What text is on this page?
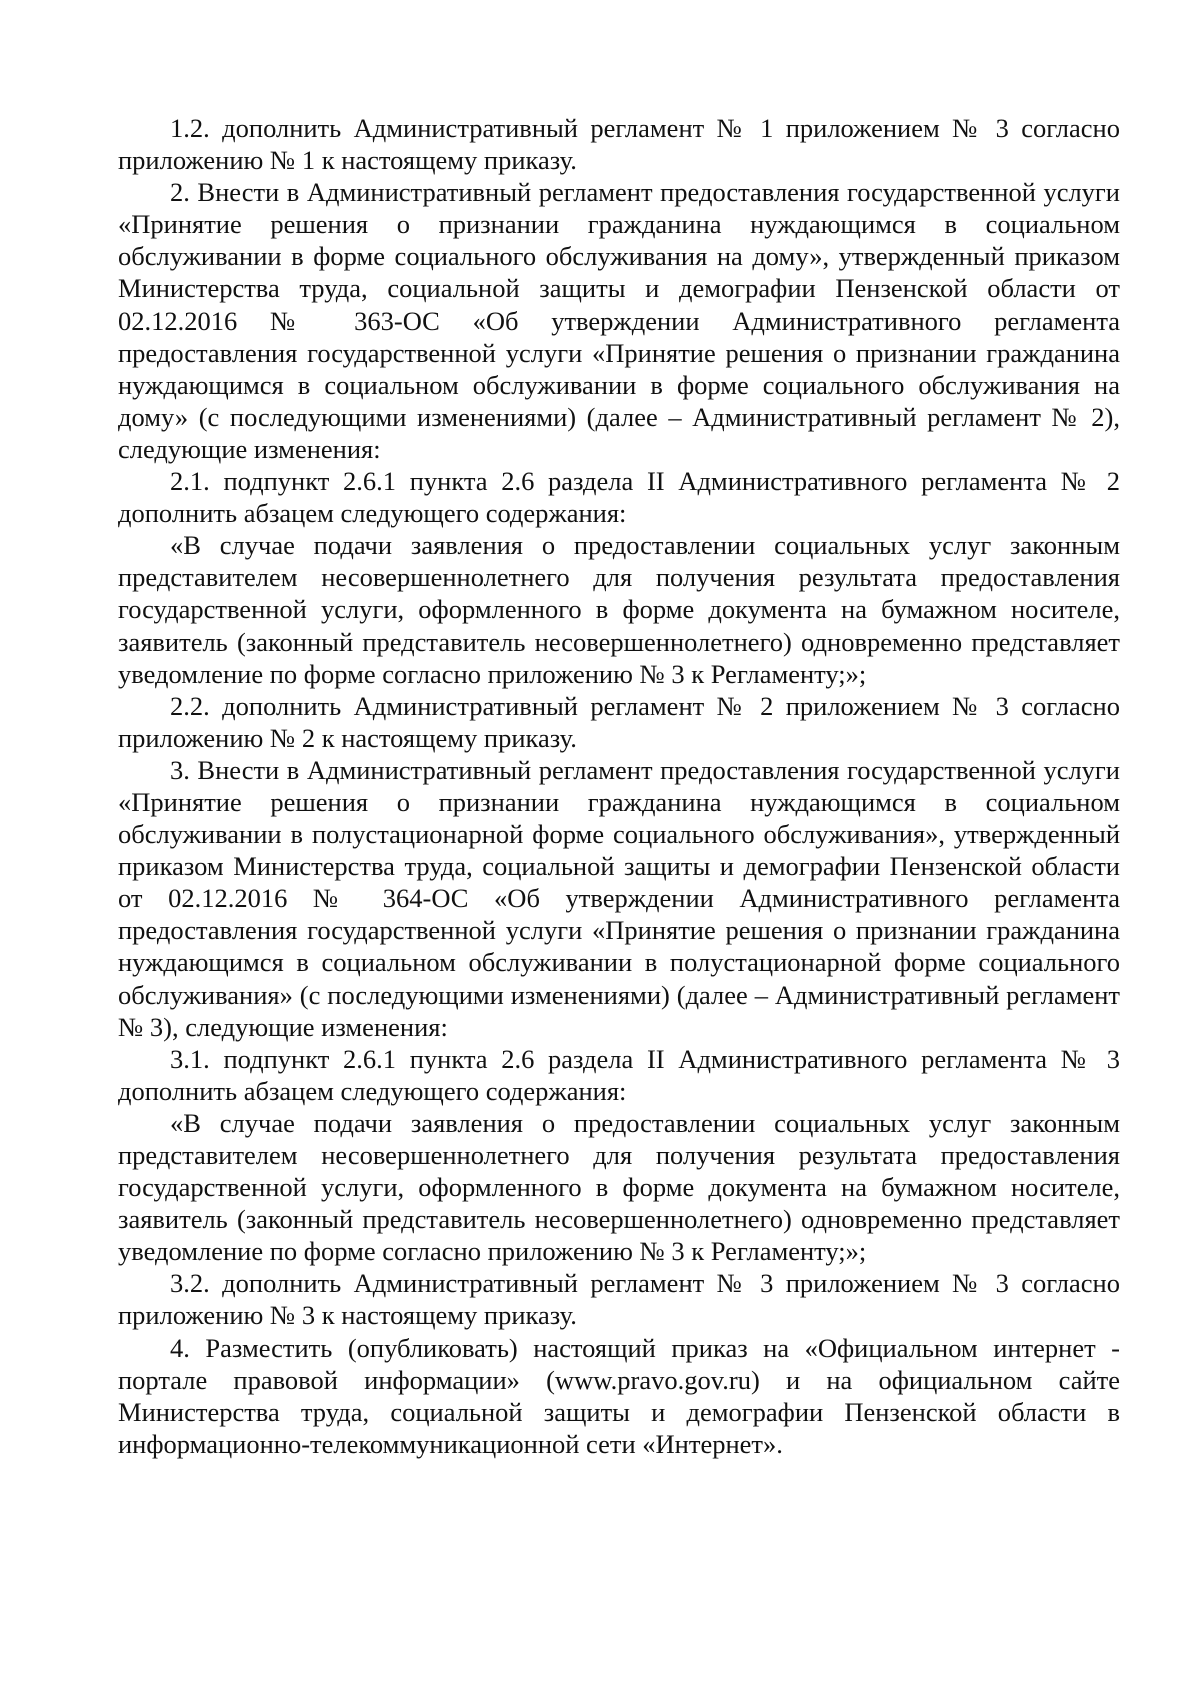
1.2. дополнить Административный регламент № 1 приложением № 3 согласно приложению № 1 к настоящему приказу.

2. Внести в Административный регламент предоставления государственной услуги «Принятие решения о признании гражданина нуждающимся в социальном обслуживании в форме социального обслуживания на дому», утвержденный приказом Министерства труда, социальной защиты и демографии Пензенской области от 02.12.2016 № 363-ОС «Об утверждении Административного регламента предоставления государственной услуги «Принятие решения о признании гражданина нуждающимся в социальном обслуживании в форме социального обслуживания на дому» (с последующими изменениями) (далее – Административный регламент № 2), следующие изменения:

2.1. подпункт 2.6.1 пункта 2.6 раздела II Административного регламента № 2 дополнить абзацем следующего содержания:

«В случае подачи заявления о предоставлении социальных услуг законным представителем несовершеннолетнего для получения результата предоставления государственной услуги, оформленного в форме документа на бумажном носителе, заявитель (законный представитель несовершеннолетнего) одновременно представляет уведомление по форме согласно приложению № 3 к Регламенту;»;

2.2. дополнить Административный регламент № 2 приложением № 3 согласно приложению № 2 к настоящему приказу.

3. Внести в Административный регламент предоставления государственной услуги «Принятие решения о признании гражданина нуждающимся в социальном обслуживании в полустационарной форме социального обслуживания», утвержденный приказом Министерства труда, социальной защиты и демографии Пензенской области от 02.12.2016 № 364-ОС «Об утверждении Административного регламента предоставления государственной услуги «Принятие решения о признании гражданина нуждающимся в социальном обслуживании в полустационарной форме социального обслуживания» (с последующими изменениями) (далее – Административный регламент № 3), следующие изменения:

3.1. подпункт 2.6.1 пункта 2.6 раздела II Административного регламента № 3 дополнить абзацем следующего содержания:

«В случае подачи заявления о предоставлении социальных услуг законным представителем несовершеннолетнего для получения результата предоставления государственной услуги, оформленного в форме документа на бумажном носителе, заявитель (законный представитель несовершеннолетнего) одновременно представляет уведомление по форме согласно приложению № 3 к Регламенту;»;

3.2. дополнить Административный регламент № 3 приложением № 3 согласно приложению № 3 к настоящему приказу.

4. Разместить (опубликовать) настоящий приказ на «Официальном интернет - портале правовой информации» (www.pravo.gov.ru) и на официальном сайте Министерства труда, социальной защиты и демографии Пензенской области в информационно-телекоммуникационной сети «Интернет».
